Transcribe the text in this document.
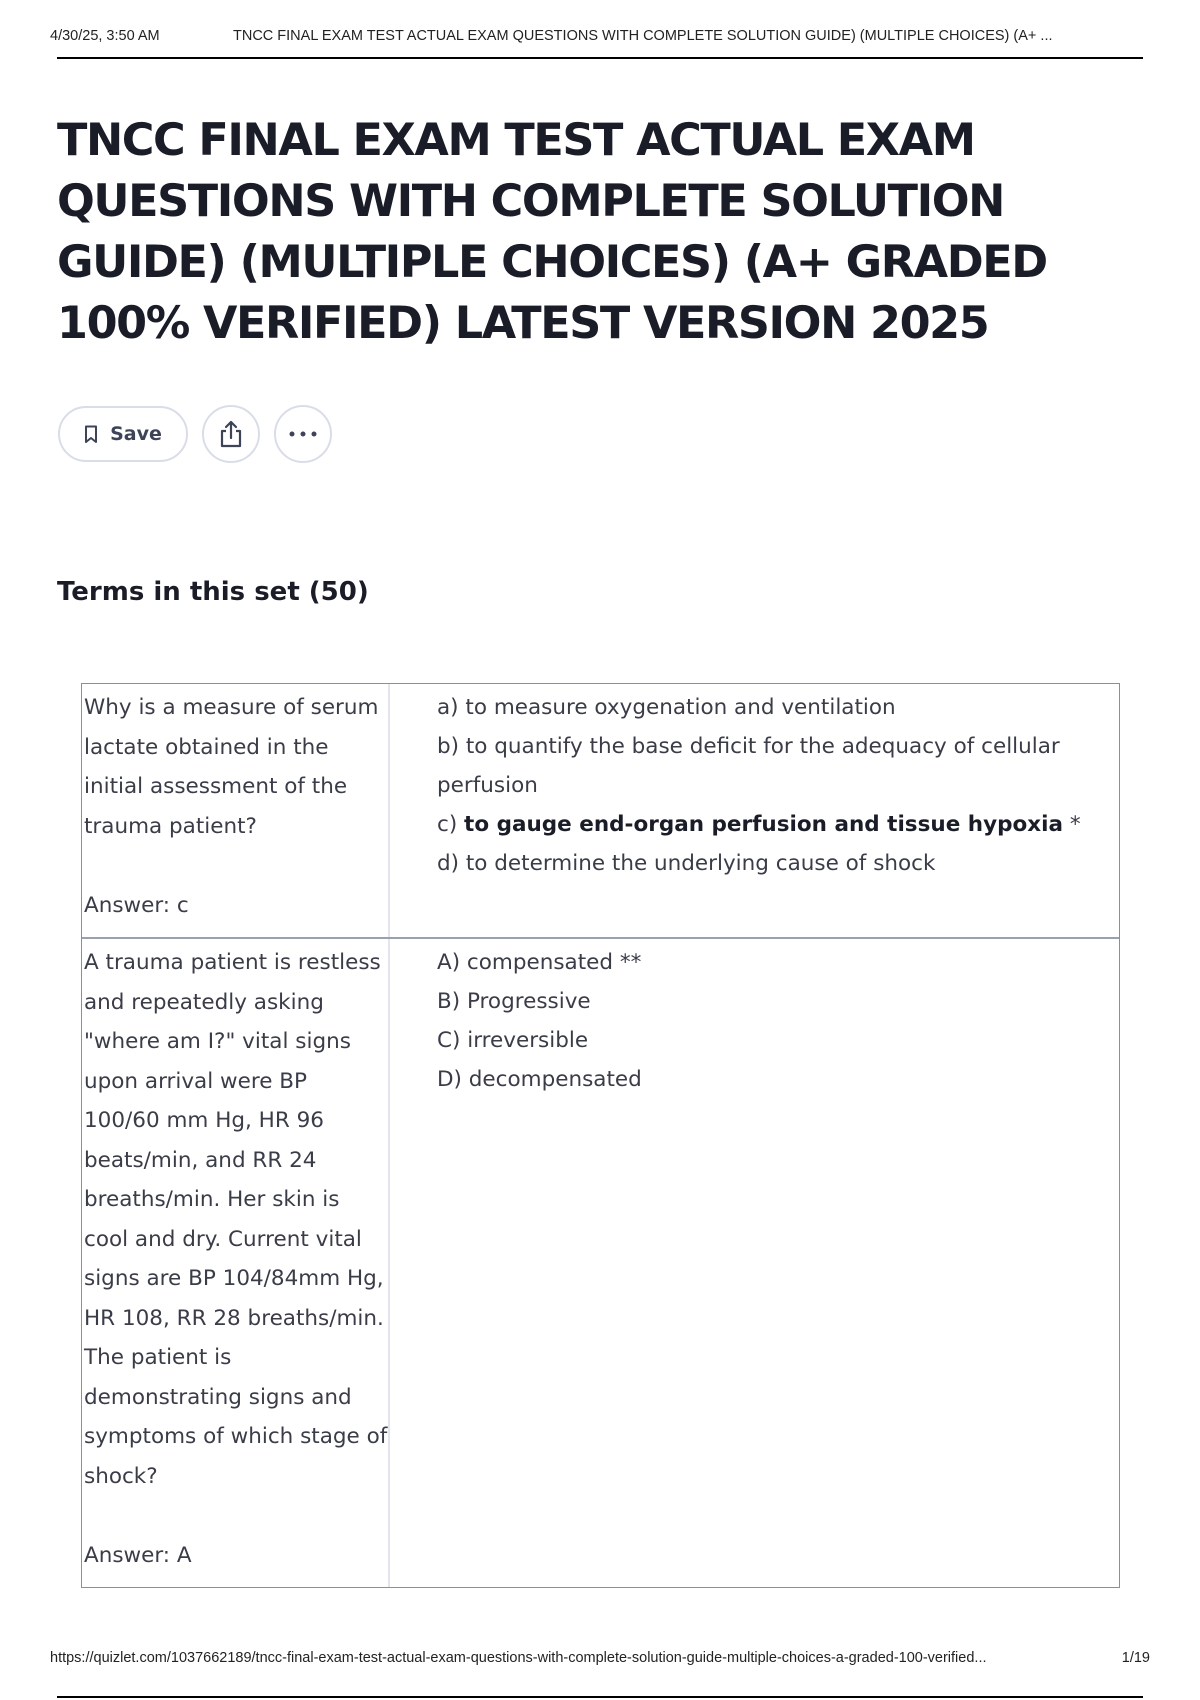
4/30/25, 3:50 AM	TNCC FINAL EXAM TEST ACTUAL EXAM QUESTIONS WITH COMPLETE SOLUTION GUIDE) (MULTIPLE CHOICES) (A+ ...
TNCC FINAL EXAM TEST ACTUAL EXAM QUESTIONS WITH COMPLETE SOLUTION GUIDE) (MULTIPLE CHOICES) (A+ GRADED 100% VERIFIED) LATEST VERSION 2025
Save
Terms in this set (50)
Why is a measure of serum lactate obtained in the initial assessment of the trauma patient?
Answer: c
a) to measure oxygenation and ventilation
b) to quantify the base deficit for the adequacy of cellular perfusion
c) to gauge end-organ perfusion and tissue hypoxia *
d) to determine the underlying cause of shock
A trauma patient is restless and repeatedly asking "where am I?" vital signs upon arrival were BP 100/60 mm Hg, HR 96 beats/min, and RR 24 breaths/min. Her skin is cool and dry. Current vital signs are BP 104/84mm Hg, HR 108, RR 28 breaths/min. The patient is demonstrating signs and symptoms of which stage of shock?
Answer: A
A) compensated **
B) Progressive
C) irreversible
D) decompensated
https://quizlet.com/1037662189/tncc-final-exam-test-actual-exam-questions-with-complete-solution-guide-multiple-choices-a-graded-100-verified...	1/19
